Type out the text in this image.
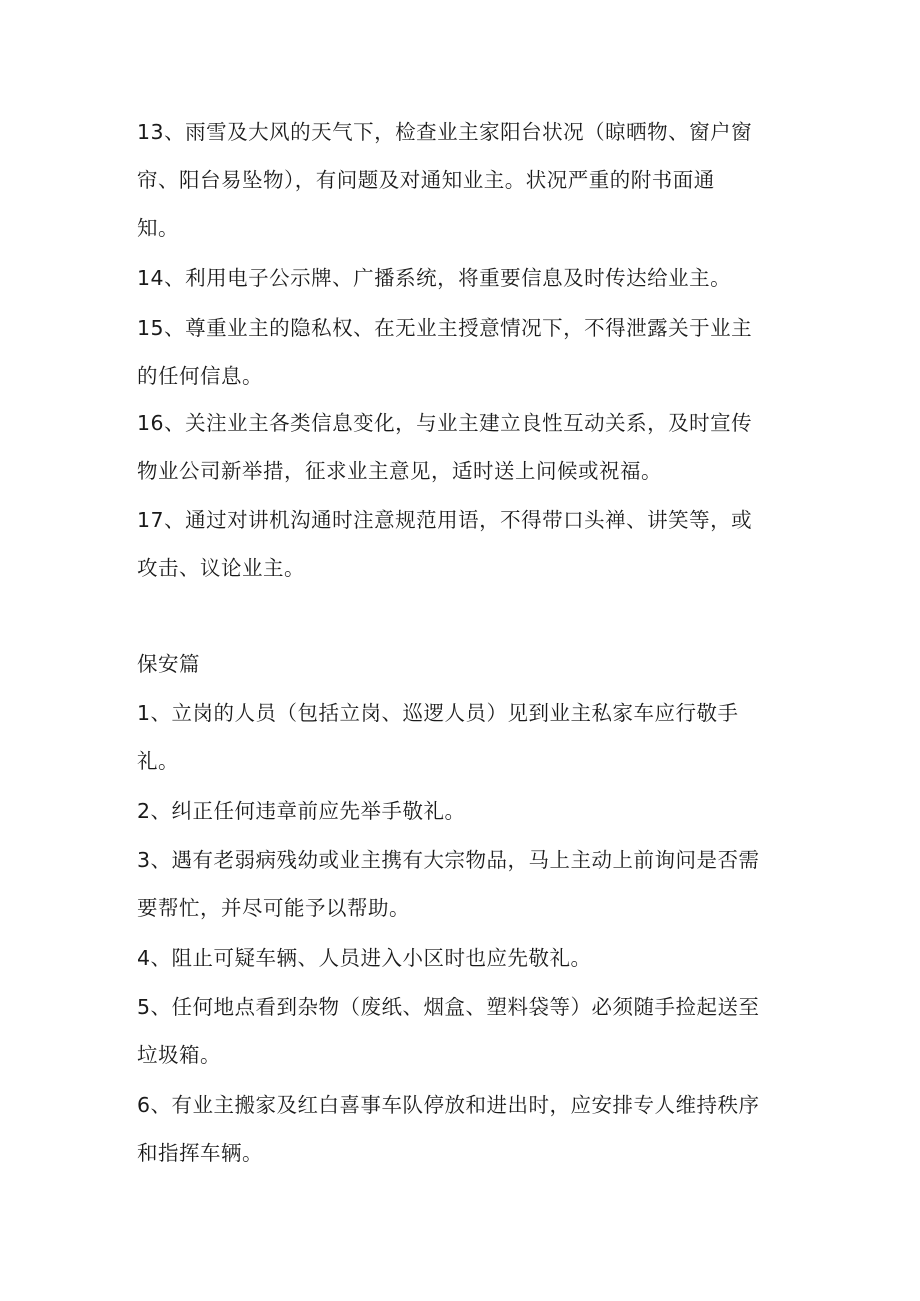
13、雨雪及大风的天气下，检查业主家阳台状况（晾晒物、窗户窗

帘、阳台易坠物），有问题及对通知业主。状况严重的附书面通

知。

14、利用电子公示牌、广播系统，将重要信息及时传达给业主。

15、尊重业主的隐私权、在无业主授意情况下，不得泄露关于业主

的任何信息。

16、关注业主各类信息变化，与业主建立良性互动关系，及时宣传

物业公司新举措，征求业主意见，适时送上问候或祝福。

17、通过对讲机沟通时注意规范用语，不得带口头禅、讲笑等，或

攻击、议论业主。

保安篇

1、立岗的人员（包括立岗、巡逻人员）见到业主私家车应行敬手

礼。

2、纠正任何违章前应先举手敬礼。

3、遇有老弱病残幼或业主携有大宗物品，马上主动上前询问是否需

要帮忙，并尽可能予以帮助。

4、阻止可疑车辆、人员进入小区时也应先敬礼。

5、任何地点看到杂物（废纸、烟盒、塑料袋等）必须随手捡起送至

垃圾箱。

6、有业主搬家及红白喜事车队停放和进出时，应安排专人维持秩序

和指挥车辆。
